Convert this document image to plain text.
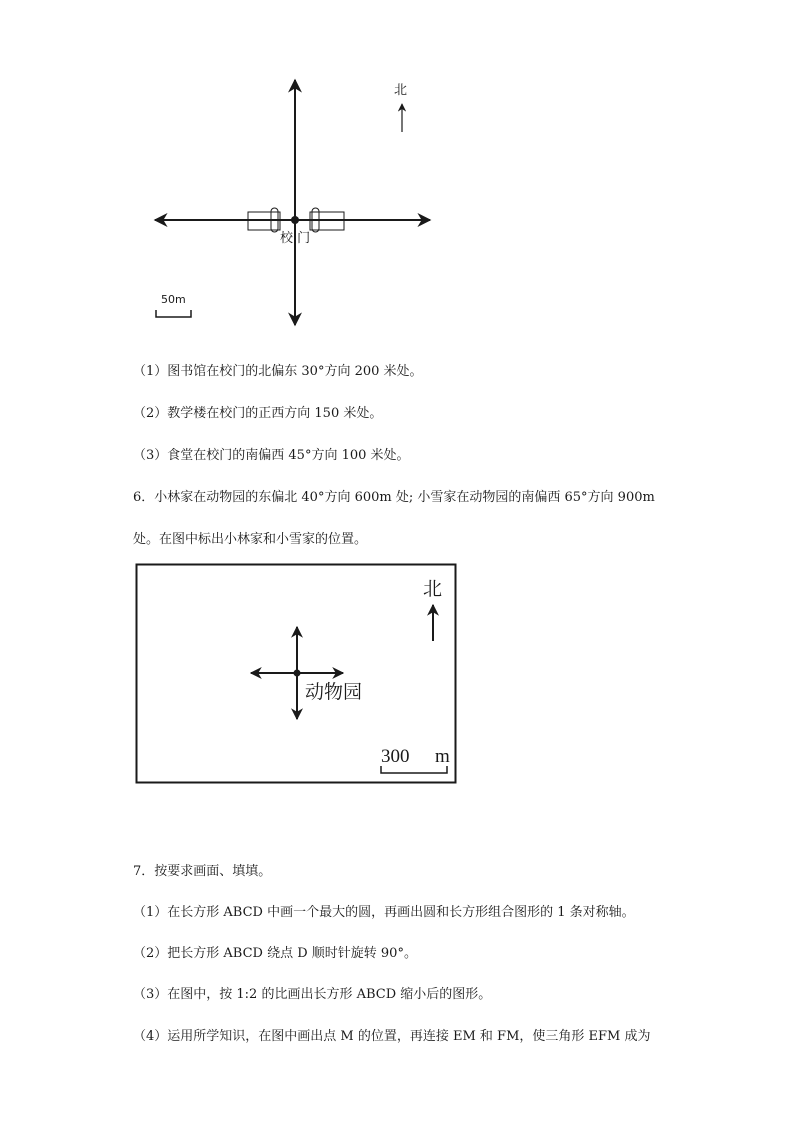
校 门
北
50m

（1）图书馆在校门的北偏东 30°方向 200 米处。

（2）教学楼在校门的正西方向 150 米处。

（3）食堂在校门的南偏西 45°方向 100 米处。

6．小林家在动物园的东偏北 40°方向 600m 处; 小雪家在动物园的南偏西 65°方向 900m

处。在图中标出小林家和小雪家的位置。

动物园
北
300 m

7．按要求画面、填填。

（1）在长方形 ABCD 中画一个最大的圆，再画出圆和长方形组合图形的 1 条对称轴。

（2）把长方形 ABCD 绕点 D 顺时针旋转 90°。

（3）在图中，按 1:2 的比画出长方形 ABCD 缩小后的图形。

（4）运用所学知识，在图中画出点 M 的位置，再连接 EM 和 FM，使三角形 EFM 成为
